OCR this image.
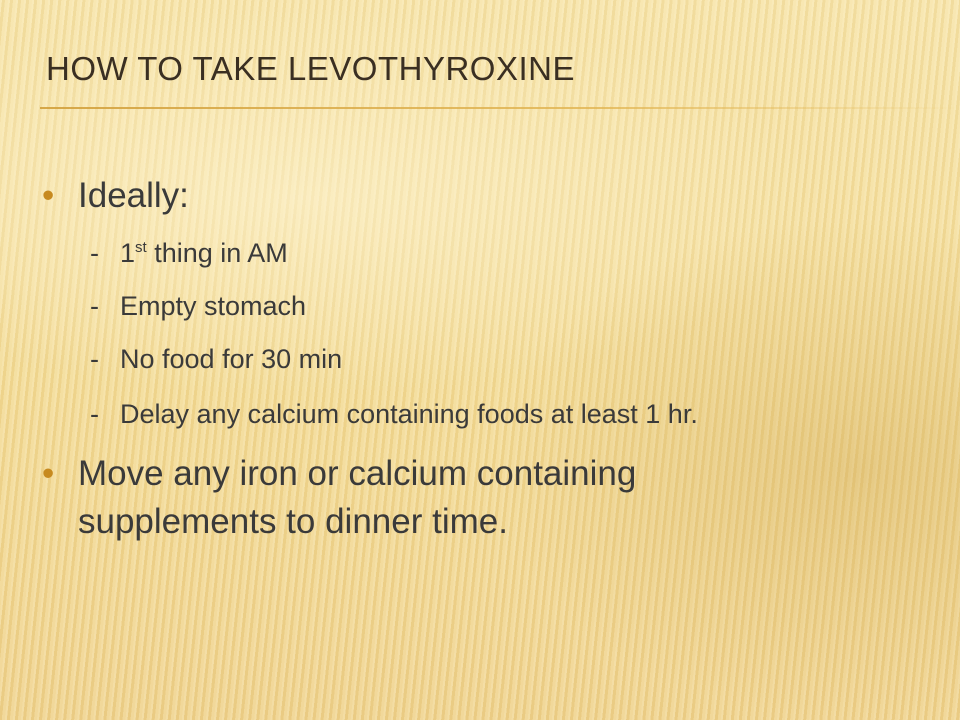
HOW TO TAKE LEVOTHYROXINE
• Ideally:
- 1st thing in AM
- Empty stomach
- No food for 30 min
- Delay any calcium containing foods at least 1 hr.
• Move any iron or calcium containing
supplements to dinner time.
